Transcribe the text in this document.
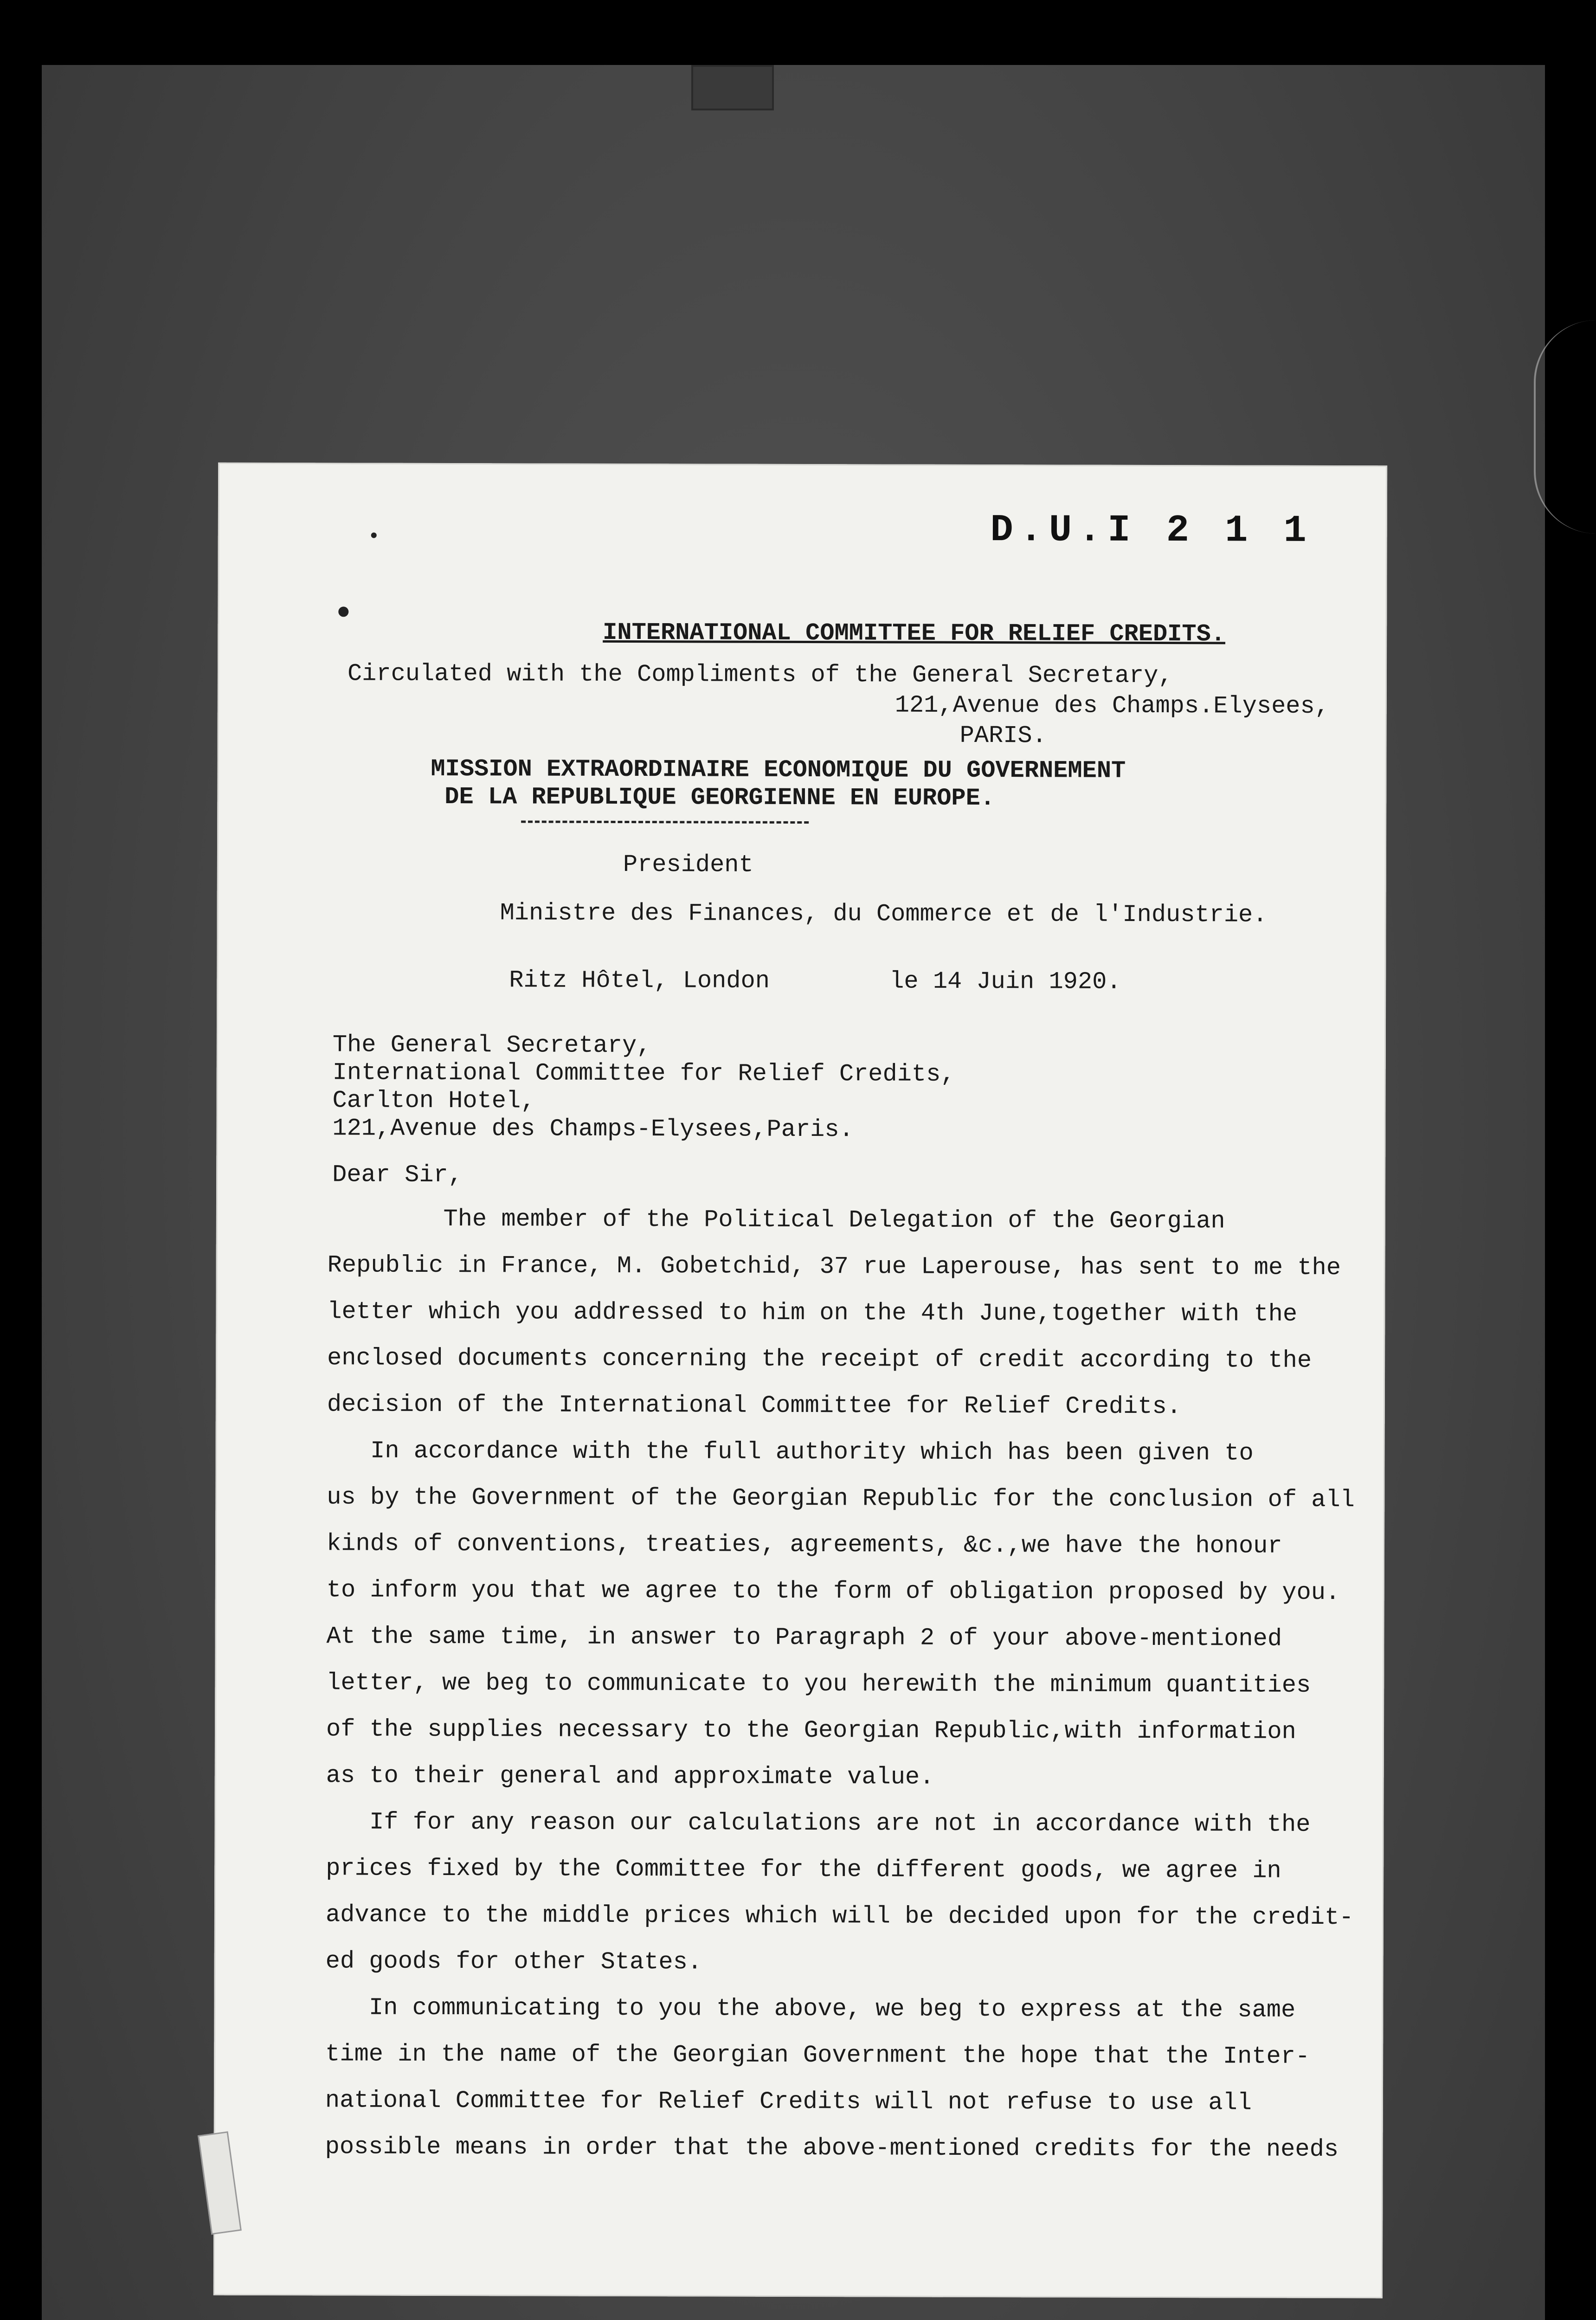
D.U.I 2 1 1
INTERNATIONAL COMMITTEE FOR RELIEF CREDITS.
Circulated with the Compliments of the General Secretary,
121,Avenue des Champs.Elysees,
PARIS.
MISSION EXTRAORDINAIRE ECONOMIQUE DU GOVERNEMENT
DE LA REPUBLIQUE GEORGIENNE EN EUROPE.
President
Ministre des Finances, du Commerce et de l'Industrie.
Ritz Hôtel, London	le 14 Juin 1920.
The General Secretary,
International Committee for Relief Credits,
Carlton Hotel,
121,Avenue des Champs-Elysees,Paris.
Dear Sir,
The member of the Political Delegation of the Georgian
Republic in France, M. Gobetchid, 37 rue Laperouse, has sent to me the
letter which you addressed to him on the 4th June,together with the
enclosed documents concerning the receipt of credit according to the
decision of the International Committee for Relief Credits.
In accordance with the full authority which has been given to
us by the Government of the Georgian Republic for the conclusion of all
kinds of conventions, treaties, agreements, &c.,we have the honour
to inform you that we agree to the form of obligation proposed by you.
At the same time, in answer to Paragraph 2 of your above-mentioned
letter, we beg to communicate to you herewith the minimum quantities
of the supplies necessary to the Georgian Republic,with information
as to their general and approximate value.
If for any reason our calculations are not in accordance with the
prices fixed by the Committee for the different goods, we agree in
advance to the middle prices which will be decided upon for the credit-
ed goods for other States.
In communicating to you the above, we beg to express at the same
time in the name of the Georgian Government the hope that the Inter-
national Committee for Relief Credits will not refuse to use all
possible means in order that the above-mentioned credits for the needs
